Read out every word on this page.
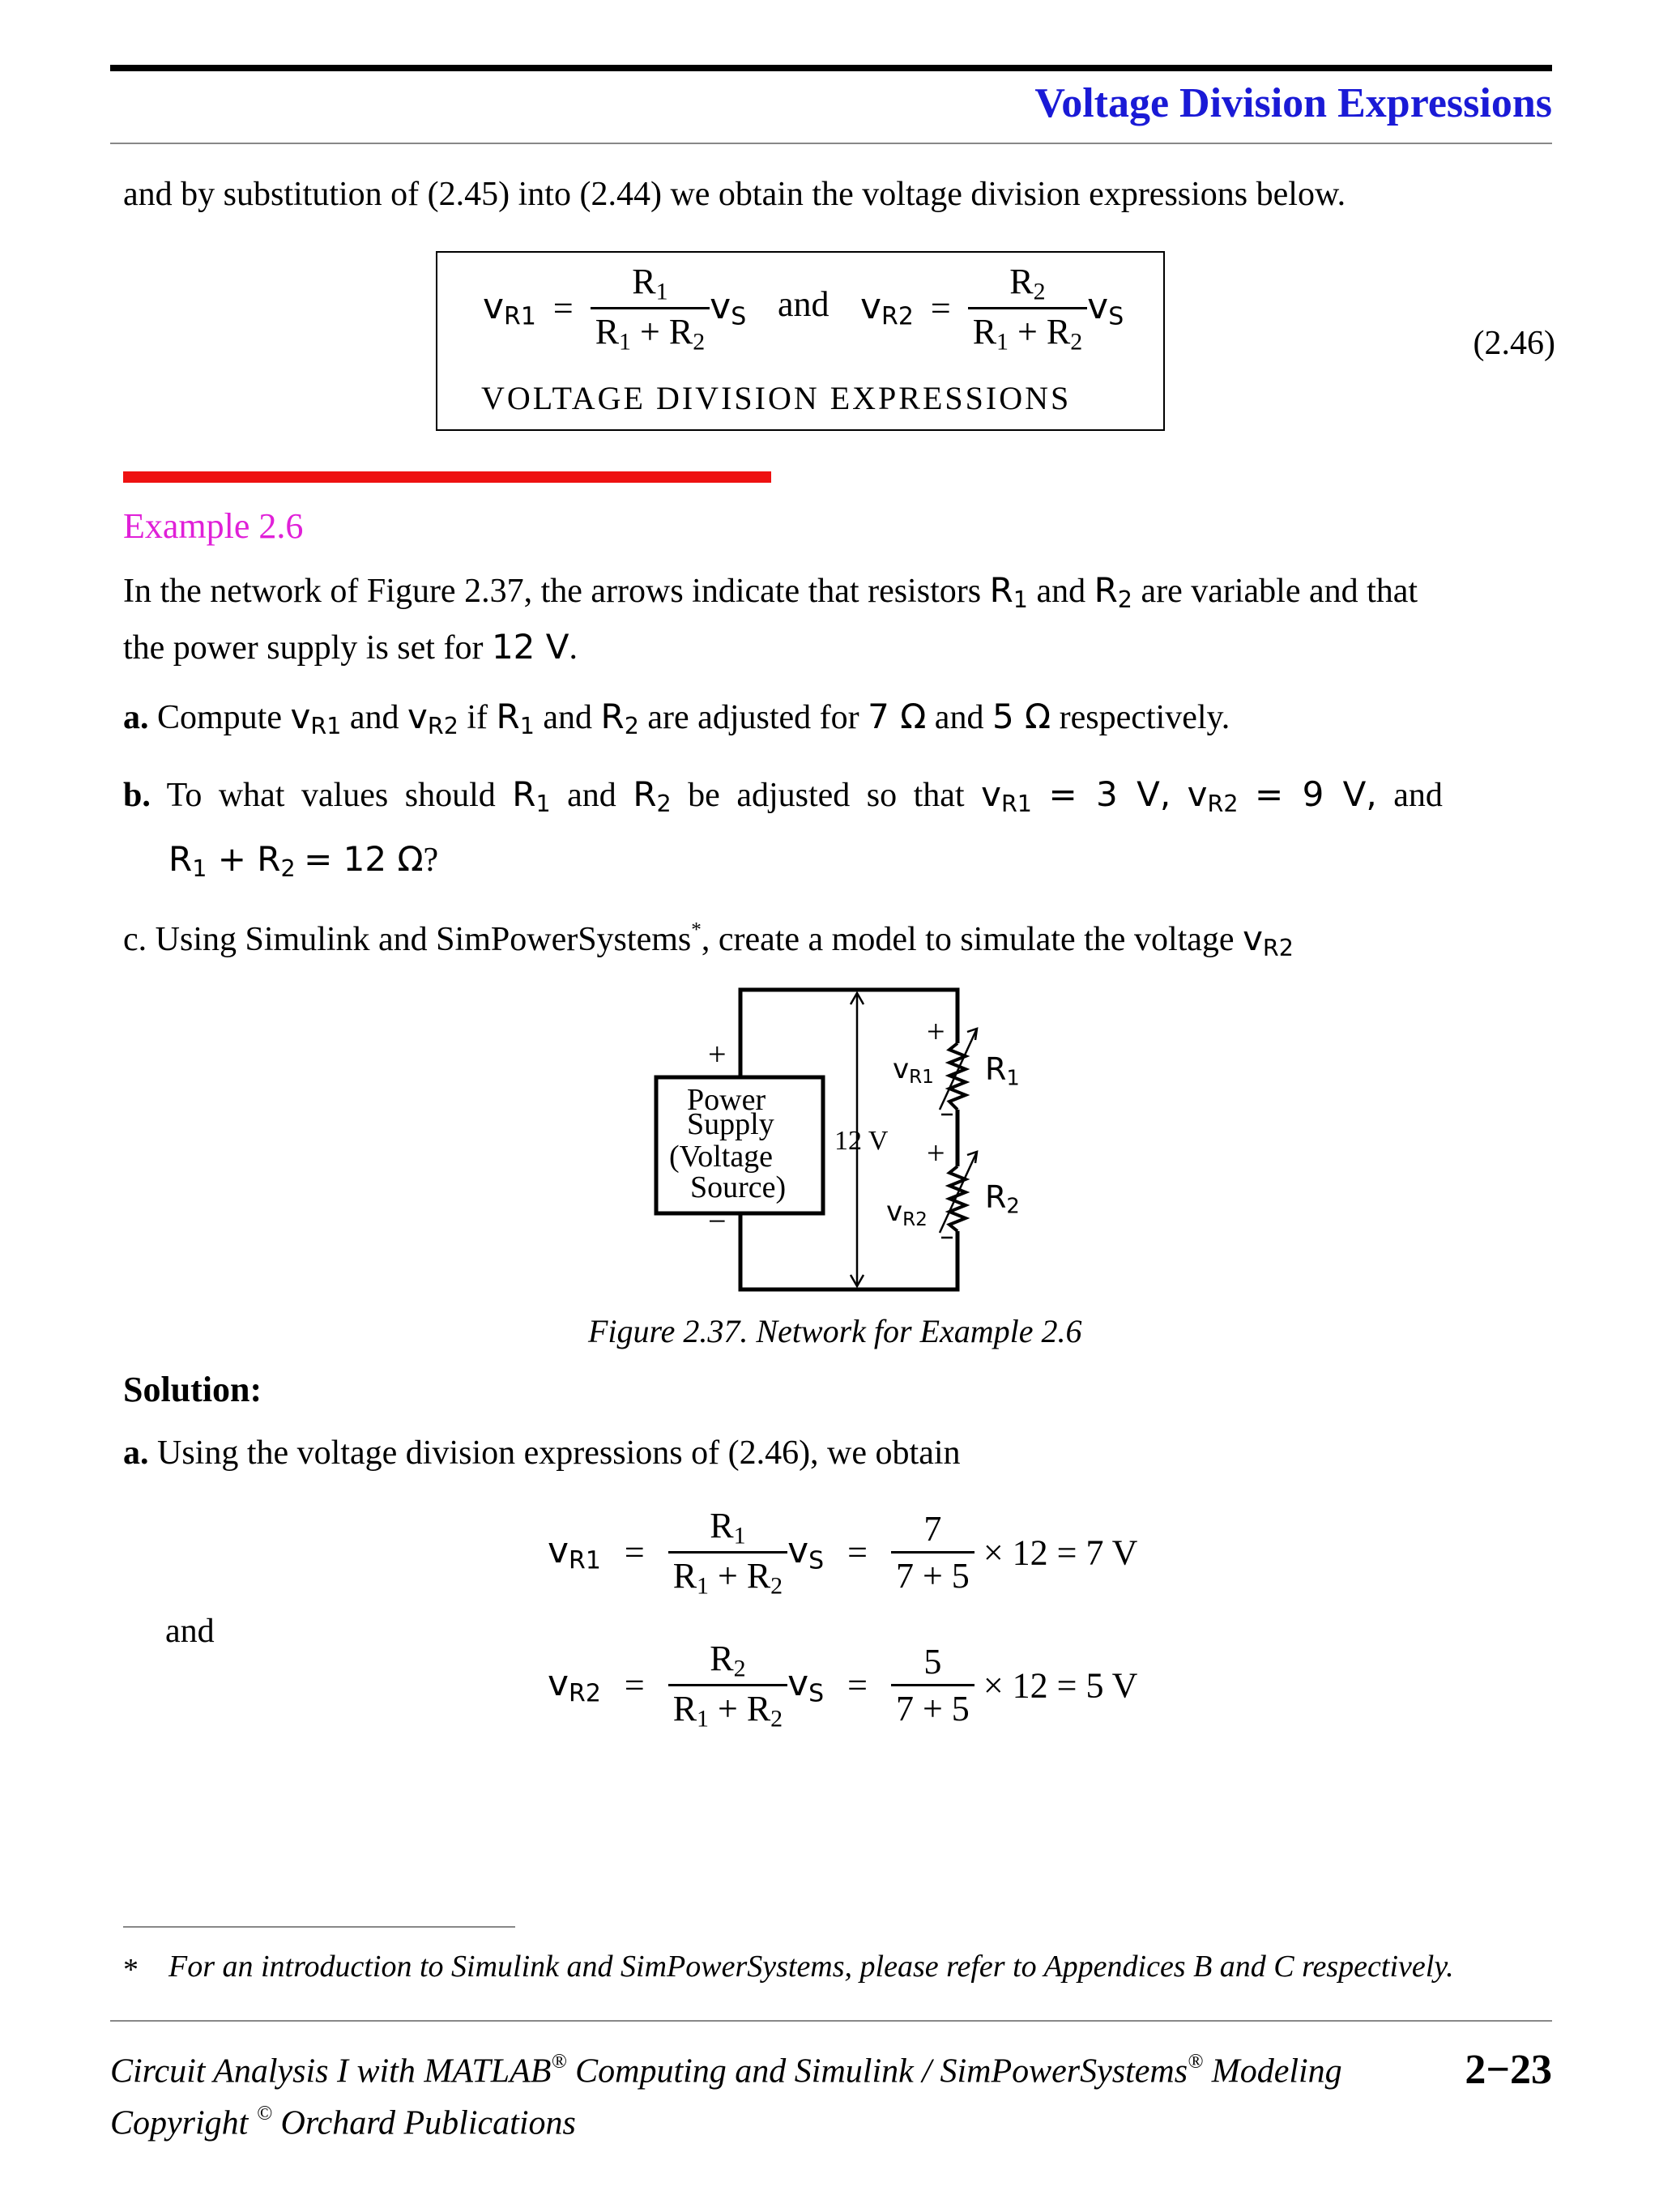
Voltage Division Expressions
and by substitution of (2.45) into (2.44) we obtain the voltage division expressions below.
$v_{R1} = \frac{R_1}{R_1 + R_2} v_S$ and $v_{R2} = \frac{R_2}{R_1 + R_2} v_S$
VOLTAGE DIVISION EXPRESSIONS
(2.46)
Example 2.6
In the network of Figure 2.37, the arrows indicate that resistors $R_1$ and $R_2$ are variable and that
the power supply is set for 12 V.
a. Compute $v_{R1}$ and $v_{R2}$ if $R_1$ and $R_2$ are adjusted for 7 Ω and 5 Ω respectively.
b. To what values should $R_1$ and $R_2$ be adjusted so that $v_{R1} = 3$ V, $v_{R2} = 9$ V, and
$R_1 + R_2 = 12$ Ω?
c. Using Simulink and SimPowerSystems*, create a model to simulate the voltage $v_{R2}$
+
−
Power
Supply
(Voltage
Source)
12 V
+
$v_{R1}$ $R_1$
+
$v_{R2}$
$R_2$
Figure 2.37. Network for Example 2.6
Solution:
a. Using the voltage division expressions of (2.46), we obtain
$v_{R1} = \frac{R_1}{R_1 + R_2} v_S = \frac{7}{7 + 5} \times 12 = 7$ V
and
$v_{R2} = \frac{R_2}{R_1 + R_2} v_S = \frac{5}{7 + 5} \times 12 = 5$ V
* For an introduction to Simulink and SimPowerSystems, please refer to Appendices B and C respectively.
Circuit Analysis I with MATLAB® Computing and Simulink / SimPowerSystems® Modeling
Copyright © Orchard Publications
2−23
